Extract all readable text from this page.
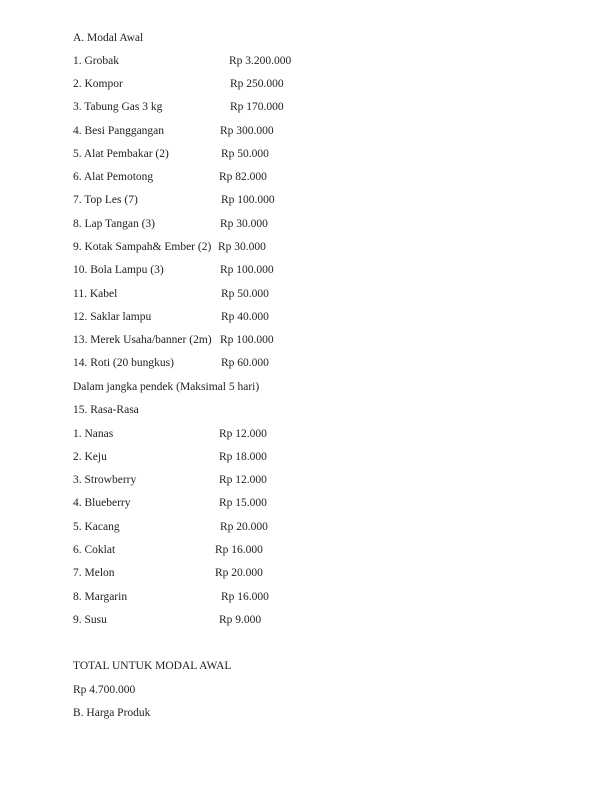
A. Modal Awal
1. Grobak	Rp 3.200.000
2. Kompor	Rp 250.000
3. Tabung Gas 3 kg	Rp 170.000
4. Besi Panggangan	Rp 300.000
5. Alat Pembakar (2)	Rp 50.000
6. Alat Pemotong	Rp 82.000
7. Top Les (7)	Rp 100.000
8. Lap Tangan (3)	Rp 30.000
9. Kotak Sampah& Ember (2) Rp 30.000
10. Bola Lampu (3)	Rp 100.000
11. Kabel	Rp 50.000
12. Saklar lampu	Rp 40.000
13. Merek Usaha/banner (2m) Rp 100.000
14. Roti (20 bungkus)	Rp 60.000
Dalam jangka pendek (Maksimal 5 hari)
15. Rasa-Rasa
1. Nanas	Rp 12.000
2. Keju	Rp 18.000
3. Strowberry	Rp 12.000
4. Blueberry	Rp 15.000
5. Kacang	Rp 20.000
6. Coklat	Rp 16.000
7. Melon	Rp 20.000
8. Margarin	Rp 16.000
9. Susu	Rp 9.000
TOTAL UNTUK MODAL AWAL
Rp 4.700.000
B. Harga Produk
